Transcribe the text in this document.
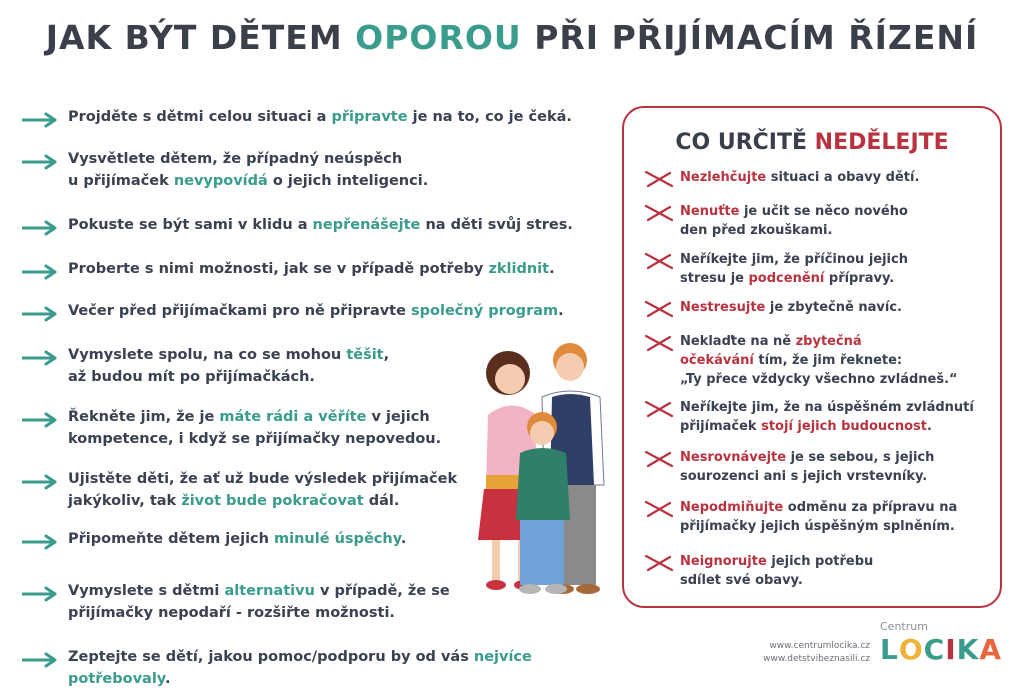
JAK BÝT DĚTEM OPOROU PŘI PŘIJÍMACÍM ŘÍZENÍ
Projděte s dětmi celou situaci a připravte je na to, co je čeká.
Vysvětlete dětem, že případný neúspěch
u přijímaček nevypovídá o jejich inteligenci.
Pokuste se být sami v klidu a nepřenášejte na děti svůj stres.
Proberte s nimi možnosti, jak se v případě potřeby zklidnit.
Večer před přijímačkami pro ně připravte společný program.
Vymyslete spolu, na co se mohou těšit,
až budou mít po přijímačkách.
Řekněte jim, že je máte rádi a věříte v jejich
kompetence, i když se přijímačky nepovedou.
Ujistěte děti, že ať už bude výsledek přijímaček
jakýkoliv, tak život bude pokračovat dál.
Připomeňte dětem jejich minulé úspěchy.
Vymyslete s dětmi alternativu v případě, že se
přijímačky nepodaří - rozšiřte možnosti.
Zeptejte se dětí, jakou pomoc/podporu by od vás nejvíce potřebovaly.
CO URČITĚ NEDĚLEJTE
Nezlehčujte situaci a obavy dětí.
Nenuťte je učit se něco nového
den před zkouškami.
Neříkejte jim, že příčinou jejich
stresu je podcenění přípravy.
Nestresujte je zbytečně navíc.
Neklaďte na ně zbytečná
očekávání tím, že jim řeknete:
„Ty přece vždycky všechno zvládneš.“
Neříkejte jim, že na úspěšném zvládnutí
přijímaček stojí jejich budoucnost.
Nesrovnávejte je se sebou, s jejich
sourozenci ani s jejich vrstevníky.
Nepodmiňujte odměnu za přípravu na
přijímačky jejich úspěšným splněním.
Neignorujte jejich potřebu
sdílet své obavy.
www.centrumlocika.cz
www.detstvibeznasili.cz
Centrum
L O C I K A
